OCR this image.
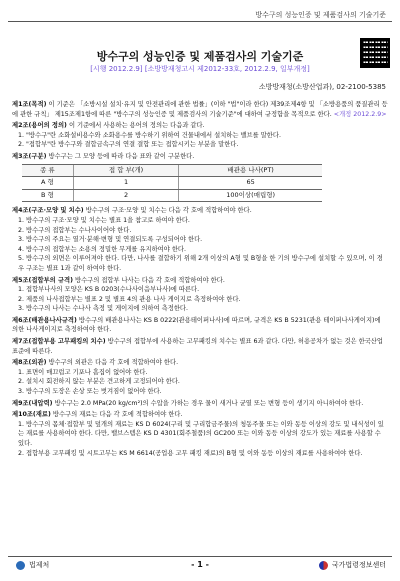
방수구의 성능인증 및 제품검사의 기술기준
방수구의 성능인증 및 제품검사의 기술기준
[시행 2012.2.9] [소방방재청고시 제2012-33호, 2012.2.9, 일부개정]
소방방재청(소방산업과), 02-2100-5385
제1조(목적) 이 기준은 「소방시설 설치·유지 및 안전관리에 관한 법률」(이하 "법"이라 한다) 제39조제4항 및 「소방용품의 품질관리 등에 관한 규칙」 제15조제1항에 따른 "방수구의 성능인증 및 제품검사의 기술기준"에 대하여 규정함을 목적으로 한다. <개정 2012.2.9>
제2조(용어의 정의) 이 기준에서 사용하는 용어의 정의는 다음과 같다.
1. "방수구"란 소화설비용수와 소화용수를 방수하기 위하여 건물내에서 설치하는 밸브를 말한다.
2. "접합부"란 방수구와 결합금속구의 연결 결합 또는 접합시키는 부분을 말한다.
제3조(구분) 방수구는 그 모양 등에 따라 다음 표와 같이 구분한다.
종 류	접 합 부(개)	배관용 나사(PT)
A 형	1	65
B 형	2	100이상(매립형)
제4조(구조·모양 및 치수) 방수구의 구조·모양 및 치수는 다음 각 호에 적합하여야 한다.
1. 방수구의 구조·모양 및 치수는 별표 1을 참고로 하여야 한다.
2. 방수구의 접합부는 수나사이어야 한다.
3. 방수구의 주요는 열거·분해·변형 및 연결되도록 구성되어야 한다.
4. 방수구의 접합부는 소용의 정밀한 무게를 유지하여야 한다.
5. 방수구의 외면은 이루어져야 한다. 다만, 나사를 결합하기 위해 2개 이상의 A형 및 B형을 한 기의 방수구에 설치할 수 있으며, 이 경우 구조는 별표 1과 같이 하여야 한다.
제5조(접합부의 규격) 방수구의 접합부 나사는 다음 각 호에 적합하여야 한다.
1. 접합부나사의 모양은 KS B 0203(수나사이음부나사)에 따른다.
2. 제품의 나사접합부는 별표 2 및 별표 4의 관용 나사 게이지로 측정하여야 한다.
3. 방수구의 나사는 수나사 측정 및 게이지에 의하여 측정한다.
제6조(배관용나사규격) 방수구의 배관용나사는 KS B 0222(관용테이퍼나사)에 따르며, 규격은 KS B 5231(관용 테이퍼나사게이지)에 의한 나사게이지로 측정하여야 한다.
제7조(접합부용 고무패킹의 치수) 방수구의 접합부에 사용하는 고무패킹의 치수는 별표 6과 같다. 다만, 허용공차가 없는 것은 한국산업표준에 따른다.
제8조(외관) 방수구의 외관은 다음 각 호에 적합하여야 한다.
1. 표면이 매끄럽고 기포나 흠집이 없어야 한다.
2. 설치시 회전하지 않는 부분은 견고하게 고정되어야 한다.
3. 방수구의 도장은 손상 또는 벗겨짐이 없어야 한다.
제9조(내압력) 방수구는 2.0 MPa(20 kg/cm²)의 수압을 가하는 경우 물이 새거나 균열 또는 변형 등이 생기지 아니하여야 한다.
제10조(재료) 방수구의 재료는 다음 각 호에 적합하여야 한다.
1. 방수구의 몸체·접합부 및 덮개의 재료는 KS D 6024(구리 및 구리합금주물)의 청동주물 또는 이와 동등 이상의 강도 및 내식성이 있는 재료를 사용하여야 한다. 다만, 밸브스템은 KS D 4301(회주철품)의 GC200 또는 이와 동등 이상의 강도가 있는 재료를 사용할 수 있다.
2. 접합부용 고무패킹 및 시트고무는 KS M 6614(공업용 고무 패킹 재료)의 B형 및 이와 동등 이상의 재료를 사용하여야 한다.
법제처	- 1 -	국가법령정보센터
